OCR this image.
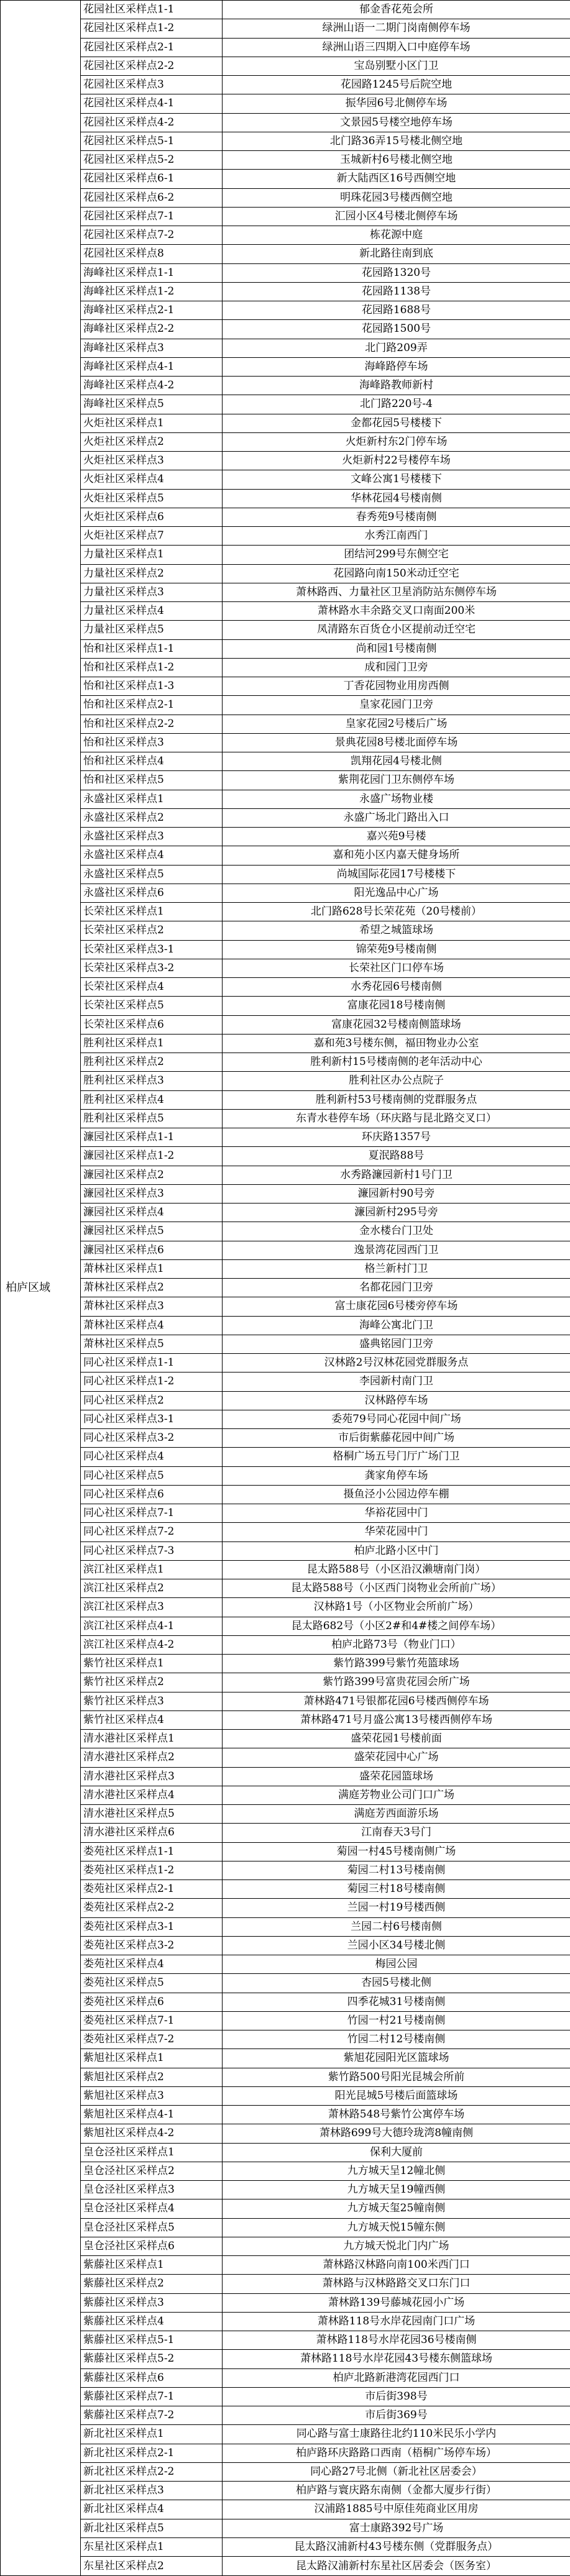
柏庐区域	花园社区采样点1-1	郁金香花苑会所
	花园社区采样点1-2	绿洲山语一二期门岗南侧停车场
	花园社区采样点2-1	绿洲山语三四期入口中庭停车场
	花园社区采样点2-2	宝岛别墅小区门卫
	花园社区采样点3	花园路1245号后院空地
	花园社区采样点4-1	振华园6号北侧停车场
	花园社区采样点4-2	文景园5号楼空地停车场
	花园社区采样点5-1	北门路36弄15号楼北侧空地
	花园社区采样点5-2	玉城新村6号楼北侧空地
	花园社区采样点6-1	新大陆西区16号西侧空地
	花园社区采样点6-2	明珠花园3号楼西侧空地
	花园社区采样点7-1	汇园小区4号楼北侧停车场
	花园社区采样点7-2	栋花源中庭
	花园社区采样点8	新北路往南到底
	海峰社区采样点1-1	花园路1320号
	海峰社区采样点1-2	花园路1138号
	海峰社区采样点2-1	花园路1688号
	海峰社区采样点2-2	花园路1500号
	海峰社区采样点3	北门路209弄
	海峰社区采样点4-1	海峰路停车场
	海峰社区采样点4-2	海峰路教师新村
	海峰社区采样点5	北门路220号-4
	火炬社区采样点1	金都花园5号楼楼下
	火炬社区采样点2	火炬新村东2门停车场
	火炬社区采样点3	火炬新村22号楼停车场
	火炬社区采样点4	文峰公寓1号楼楼下
	火炬社区采样点5	华林花园4号楼南侧
	火炬社区采样点6	春秀苑9号楼南侧
	火炬社区采样点7	水秀江南西门
	力量社区采样点1	团结河299号东侧空宅
	力量社区采样点2	花园路向南150米动迁空宅
	力量社区采样点3	萧林路西、力量社区卫星消防站东侧停车场
	力量社区采样点4	萧林路水丰余路交叉口南面200米
	力量社区采样点5	凤清路东百货仓小区提前动迁空宅
	怡和社区采样点1-1	尚和园1号楼南侧
	怡和社区采样点1-2	成和园门卫旁
	怡和社区采样点1-3	丁香花园物业用房西侧
	怡和社区采样点2-1	皇家花园门卫旁
	怡和社区采样点2-2	皇家花园2号楼后广场
	怡和社区采样点3	景典花园8号楼北面停车场
	怡和社区采样点4	凯翔花园4号楼北侧
	怡和社区采样点5	紫荆花园门卫东侧停车场
	永盛社区采样点1	永盛广场物业楼
	永盛社区采样点2	永盛广场北门路出入口
	永盛社区采样点3	嘉兴苑9号楼
	永盛社区采样点4	嘉和苑小区内嘉天健身场所
	永盛社区采样点5	尚城国际花园17号楼楼下
	永盛社区采样点6	阳光逸品中心广场
	长荣社区采样点1	北门路628号长荣花苑（20号楼前）
	长荣社区采样点2	希望之城篮球场
	长荣社区采样点3-1	锦荣苑9号楼南侧
	长荣社区采样点3-2	长荣社区门口停车场
	长荣社区采样点4	水秀花园6号楼南侧
	长荣社区采样点5	富康花园18号楼南侧
	长荣社区采样点6	富康花园32号楼南侧篮球场
	胜利社区采样点1	嘉和苑3号楼东侧，福田物业办公室
	胜利社区采样点2	胜利新村15号楼南侧的老年活动中心
	胜利社区采样点3	胜利社区办公点院子
	胜利社区采样点4	胜利新村53号楼南侧的党群服务点
	胜利社区采样点5	东青水巷停车场（环庆路与昆北路交叉口）
	濂园社区采样点1-1	环庆路1357号
	濂园社区采样点1-2	夏泯路88号
	濂园社区采样点2	水秀路濂园新村1号门卫
	濂园社区采样点3	濂园新村90号旁
	濂园社区采样点4	濂园新村295号旁
	濂园社区采样点5	金水楼台门卫处
	濂园社区采样点6	逸景湾花园西门卫
	萧林社区采样点1	格兰新村门卫
	萧林社区采样点2	名都花园门卫旁
	萧林社区采样点3	富士康花园6号楼旁停车场
	萧林社区采样点4	海峰公寓北门卫
	萧林社区采样点5	盛典铭园门卫旁
	同心社区采样点1-1	汉林路2号汉林花园党群服务点
	同心社区采样点1-2	李园新村南门卫
	同心社区采样点2	汉林路停车场
	同心社区采样点3-1	委苑79号同心花园中间广场
	同心社区采样点3-2	市后街紫藤花园中间广场
	同心社区采样点4	格桐广场五号门厅广场门卫
	同心社区采样点5	龚家角停车场
	同心社区采样点6	摄鱼泾小公园边停车棚
	同心社区采样点7-1	华裕花园中门
	同心社区采样点7-2	华荣花园中门
	同心社区采样点7-3	柏庐北路小区中门
	滨江社区采样点1	昆太路588号（小区沿汉濑塘南门岗）
	滨江社区采样点2	昆太路588号（小区西门岗物业会所前广场）
	滨江社区采样点3	汉林路1号（小区物业会所前广场）
	滨江社区采样点4-1	昆太路682号（小区2#和4#楼之间停车场）
	滨江社区采样点4-2	柏庐北路73号（物业门口）
	紫竹社区采样点1	紫竹路399号紫竹苑篮球场
	紫竹社区采样点2	紫竹路399号富贵花园会所广场
	紫竹社区采样点3	萧林路471号银都花园6号楼西侧停车场
	紫竹社区采样点4	萧林路471号月盛公寓13号楼西侧停车场
	清水港社区采样点1	盛荣花园1号楼前面
	清水港社区采样点2	盛荣花园中心广场
	清水港社区采样点3	盛荣花园篮球场
	清水港社区采样点4	满庭芳物业公司门口广场
	清水港社区采样点5	满庭芳西面游乐场
	清水港社区采样点6	江南春天3号门
	娄苑社区采样点1-1	菊园一村45号楼南侧广场
	娄苑社区采样点1-2	菊园二村13号楼南侧
	娄苑社区采样点2-1	菊园三村18号楼南侧
	娄苑社区采样点2-2	兰园一村19号楼西侧
	娄苑社区采样点3-1	兰园二村6号楼南侧
	娄苑社区采样点3-2	兰园小区34号楼北侧
	娄苑社区采样点4	梅园公园
	娄苑社区采样点5	杏园5号楼北侧
	娄苑社区采样点6	四季花城31号楼南侧
	娄苑社区采样点7-1	竹园一村21号楼南侧
	娄苑社区采样点7-2	竹园二村12号楼南侧
	紫旭社区采样点1	紫旭花园阳光区篮球场
	紫旭社区采样点2	紫竹路500号阳光昆城会所前
	紫旭社区采样点3	阳光昆城5号楼后面篮球场
	紫旭社区采样点4-1	萧林路548号紫竹公寓停车场
	紫旭社区采样点4-2	萧林路699号大德玲珑湾8幢南侧
	皇仓泾社区采样点1	保利大厦前
	皇仓泾社区采样点2	九方城天呈12幢北侧
	皇仓泾社区采样点3	九方城天呈19幢西侧
	皇仓泾社区采样点4	九方城天玺25幢南侧
	皇仓泾社区采样点5	九方城天悦15幢东侧
	皇仓泾社区采样点6	九方城天悦北门内广场
	紫藤社区采样点1	萧林路汉林路向南100米西门口
	紫藤社区采样点2	萧林路与汉林路路交叉口东门口
	紫藤社区采样点3	萧林路139号藤城花园小广场
	紫藤社区采样点4	萧林路118号水岸花园南门口广场
	紫藤社区采样点5-1	萧林路118号水岸花园36号楼南侧
	紫藤社区采样点5-2	萧林路118号水岸花园43号楼东侧篮球场
	紫藤社区采样点6	柏庐北路新港湾花园西门口
	紫藤社区采样点7-1	市后街398号
	紫藤社区采样点7-2	市后街369号
	新北社区采样点1	同心路与富士康路往北约110米民乐小学内
	新北社区采样点2-1	柏庐路环庆路路口西南（梧桐广场停车场）
	新北社区采样点2-2	同心路27号北侧（新北社区居委会）
	新北社区采样点3	柏庐路与寰庆路东南侧（金都大厦步行街）
	新北社区采样点4	汉浦路1885号中原佳苑商业区用房
	新北社区采样点5	富士康路392号广场
	东星社区采样点1	昆太路汉浦新村43号楼东侧（党群服务点）
	东星社区采样点2	昆太路汉浦新村东星社区居委会（医务室）
